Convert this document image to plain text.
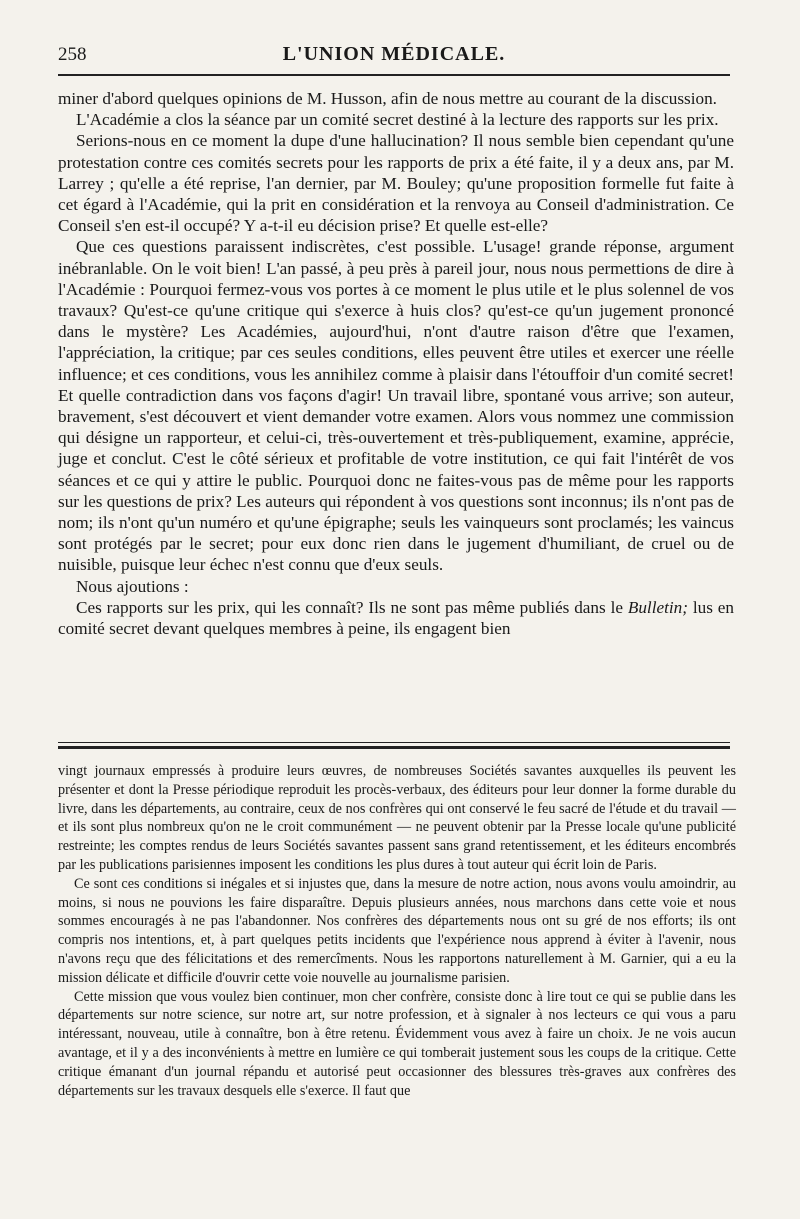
258	L'UNION MÉDICALE.

miner d'abord quelques opinions de M. Husson, afin de nous mettre au courant de la discussion.

L'Académie a clos la séance par un comité secret destiné à la lecture des rapports sur les prix.

Serions-nous en ce moment la dupe d'une hallucination? Il nous semble bien cependant qu'une protestation contre ces comités secrets pour les rapports de prix a été faite, il y a deux ans, par M. Larrey ; qu'elle a été reprise, l'an dernier, par M. Bouley; qu'une proposition formelle fut faite à cet égard à l'Académie, qui la prit en considération et la renvoya au Conseil d'administration. Ce Conseil s'en est-il occupé? Y a-t-il eu décision prise? Et quelle est-elle?

Que ces questions paraissent indiscrètes, c'est possible. L'usage! grande réponse, argument inébranlable. On le voit bien! L'an passé, à peu près à pareil jour, nous nous permettions de dire à l'Académie : Pourquoi fermez-vous vos portes à ce moment le plus utile et le plus solennel de vos travaux? Qu'est-ce qu'une critique qui s'exerce à huis clos? qu'est-ce qu'un jugement prononcé dans le mystère? Les Académies, aujourd'hui, n'ont d'autre raison d'être que l'examen, l'appréciation, la critique; par ces seules conditions, elles peuvent être utiles et exercer une réelle influence; et ces conditions, vous les annihilez comme à plaisir dans l'étouffoir d'un comité secret! Et quelle contradiction dans vos façons d'agir! Un travail libre, spontané vous arrive; son auteur, bravement, s'est découvert et vient demander votre examen. Alors vous nommez une commission qui désigne un rapporteur, et celui-ci, très-ouvertement et très-publiquement, examine, apprécie, juge et conclut. C'est le côté sérieux et profitable de votre institution, ce qui fait l'intérêt de vos séances et ce qui y attire le public. Pourquoi donc ne faites-vous pas de même pour les rapports sur les questions de prix? Les auteurs qui répondent à vos questions sont inconnus; ils n'ont pas de nom; ils n'ont qu'un numéro et qu'une épigraphe; seuls les vainqueurs sont proclamés; les vaincus sont protégés par le secret; pour eux donc rien dans le jugement d'humiliant, de cruel ou de nuisible, puisque leur échec n'est connu que d'eux seuls.

Nous ajoutions :

Ces rapports sur les prix, qui les connaît? Ils ne sont pas même publiés dans le Bulletin; lus en comité secret devant quelques membres à peine, ils engagent bien

vingt journaux empressés à produire leurs œuvres, de nombreuses Sociétés savantes auxquelles ils peuvent les présenter et dont la Presse périodique reproduit les procès-verbaux, des éditeurs pour leur donner la forme durable du livre, dans les départements, au contraire, ceux de nos confrères qui ont conservé le feu sacré de l'étude et du travail — et ils sont plus nombreux qu'on ne le croit communément — ne peuvent obtenir par la Presse locale qu'une publicité restreinte; les comptes rendus de leurs Sociétés savantes passent sans grand retentissement, et les éditeurs encombrés par les publications parisiennes imposent les conditions les plus dures à tout auteur qui écrit loin de Paris.

Ce sont ces conditions si inégales et si injustes que, dans la mesure de notre action, nous avons voulu amoindrir, au moins, si nous ne pouvions les faire disparaître. Depuis plusieurs années, nous marchons dans cette voie et nous sommes encouragés à ne pas l'abandonner. Nos confrères des départements nous ont su gré de nos efforts; ils ont compris nos intentions, et, à part quelques petits incidents que l'expérience nous apprend à éviter à l'avenir, nous n'avons reçu que des félicitations et des remercîments. Nous les rapportons naturellement à M. Garnier, qui a eu la mission délicate et difficile d'ouvrir cette voie nouvelle au journalisme parisien.

Cette mission que vous voulez bien continuer, mon cher confrère, consiste donc à lire tout ce qui se publie dans les départements sur notre science, sur notre art, sur notre profession, et à signaler à nos lecteurs ce qui vous a paru intéressant, nouveau, utile à connaître, bon à être retenu. Évidemment vous avez à faire un choix. Je ne vois aucun avantage, et il y a des inconvénients à mettre en lumière ce qui tomberait justement sous les coups de la critique. Cette critique émanant d'un journal répandu et autorisé peut occasionner des blessures très-graves aux confrères des départements sur les travaux desquels elle s'exerce. Il faut que
